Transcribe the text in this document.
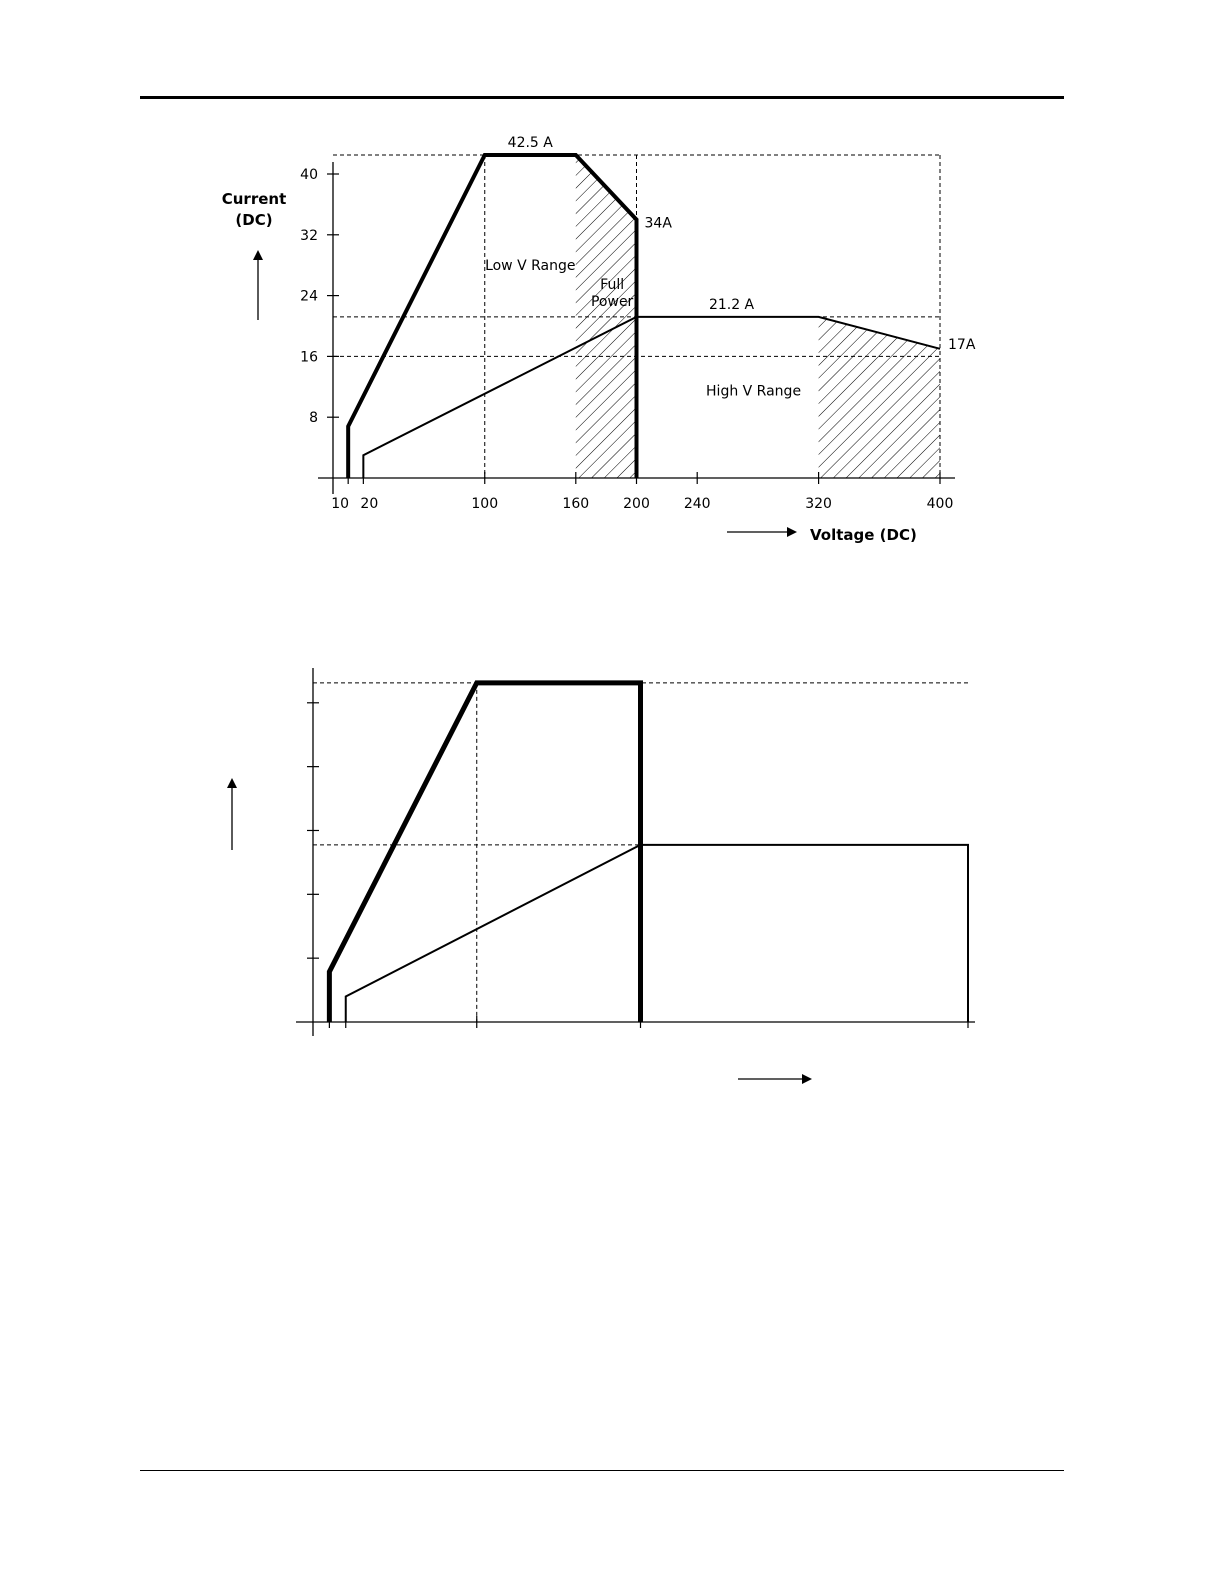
10 20	100	160 200 240	320	400
8
16
24
32
40
42.5 A
34A
Low V Range
Full
Power	21.2 A
17A
High V Range
Current
(DC)
Voltage (DC)
